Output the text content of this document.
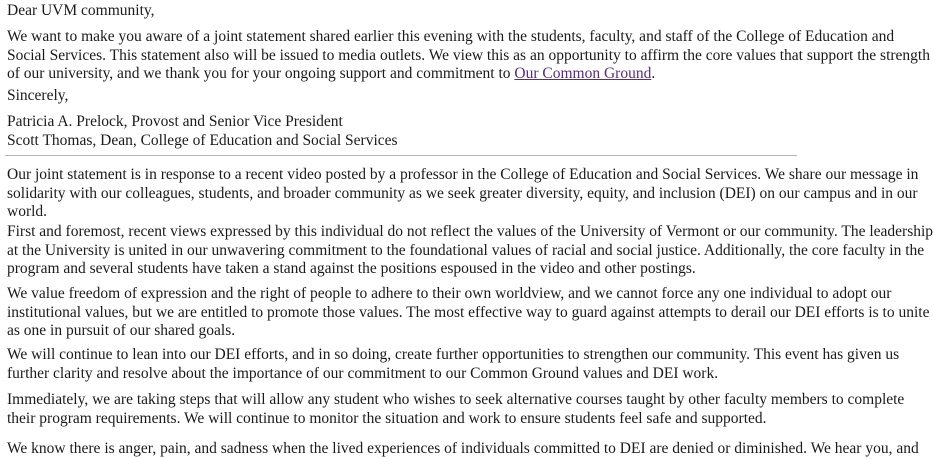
Dear UVM community,

We want to make you aware of a joint statement shared earlier this evening with the students, faculty, and staff of the College of Education and
Social Services. This statement also will be issued to media outlets. We view this as an opportunity to affirm the core values that support the strength
of our university, and we thank you for your ongoing support and commitment to Our Common Ground.

Sincerely,

Patricia A. Prelock, Provost and Senior Vice President
Scott Thomas, Dean, College of Education and Social Services

Our joint statement is in response to a recent video posted by a professor in the College of Education and Social Services. We share our message in
solidarity with our colleagues, students, and broader community as we seek greater diversity, equity, and inclusion (DEI) on our campus and in our
world.

First and foremost, recent views expressed by this individual do not reflect the values of the University of Vermont or our community. The leadership
at the University is united in our unwavering commitment to the foundational values of racial and social justice. Additionally, the core faculty in the
program and several students have taken a stand against the positions espoused in the video and other postings.

We value freedom of expression and the right of people to adhere to their own worldview, and we cannot force any one individual to adopt our
institutional values, but we are entitled to promote those values. The most effective way to guard against attempts to derail our DEI efforts is to unite
as one in pursuit of our shared goals.

We will continue to lean into our DEI efforts, and in so doing, create further opportunities to strengthen our community. This event has given us
further clarity and resolve about the importance of our commitment to our Common Ground values and DEI work.

Immediately, we are taking steps that will allow any student who wishes to seek alternative courses taught by other faculty members to complete
their program requirements. We will continue to monitor the situation and work to ensure students feel safe and supported.

We know there is anger, pain, and sadness when the lived experiences of individuals committed to DEI are denied or diminished. We hear you, and
